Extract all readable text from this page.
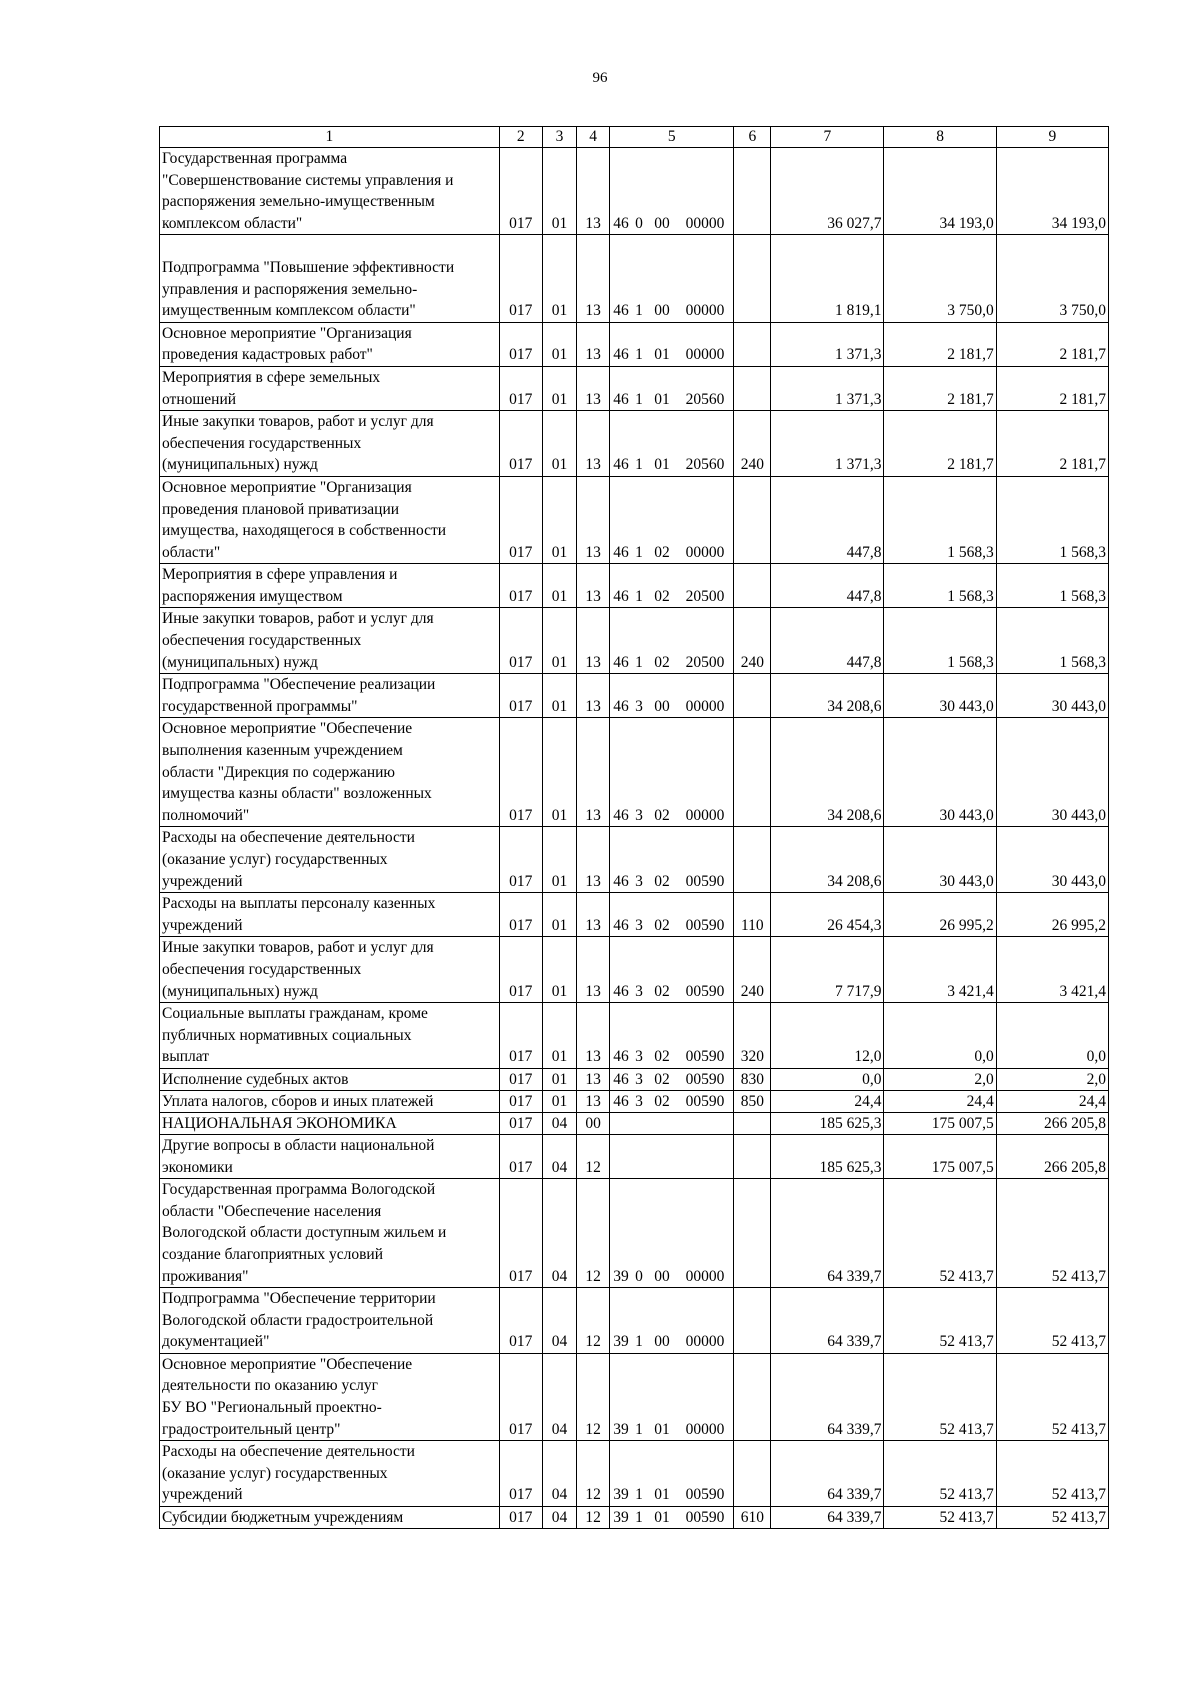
96
1	2	3	4	5	6	7	8	9
Государственная программа
"Совершенствование системы управления и
распоряжения земельно-имущественным
комплексом области"	017	01	13	46 0 00 00000		36 027,7	34 193,0	34 193,0

Подпрограмма "Повышение эффективности
управления и распоряжения земельно-
имущественным комплексом области"	017	01	13	46 1 00 00000		1 819,1	3 750,0	3 750,0
Основное мероприятие "Организация
проведения кадастровых работ"	017	01	13	46 1 01 00000		1 371,3	2 181,7	2 181,7
Мероприятия в сфере земельных
отношений	017	01	13	46 1 01 20560		1 371,3	2 181,7	2 181,7
Иные закупки товаров, работ и услуг для
обеспечения государственных
(муниципальных) нужд	017	01	13	46 1 01 20560	240	1 371,3	2 181,7	2 181,7
Основное мероприятие "Организация
проведения плановой приватизации
имущества, находящегося в собственности
области"	017	01	13	46 1 02 00000		447,8	1 568,3	1 568,3
Мероприятия в сфере управления и
распоряжения имуществом	017	01	13	46 1 02 20500		447,8	1 568,3	1 568,3
Иные закупки товаров, работ и услуг для
обеспечения государственных
(муниципальных) нужд	017	01	13	46 1 02 20500	240	447,8	1 568,3	1 568,3
Подпрограмма "Обеспечение реализации
государственной программы"	017	01	13	46 3 00 00000		34 208,6	30 443,0	30 443,0
Основное мероприятие "Обеспечение
выполнения казенным учреждением
области "Дирекция по содержанию
имущества казны области" возложенных
полномочий"	017	01	13	46 3 02 00000		34 208,6	30 443,0	30 443,0
Расходы на обеспечение деятельности
(оказание услуг) государственных
учреждений	017	01	13	46 3 02 00590		34 208,6	30 443,0	30 443,0
Расходы на выплаты персоналу казенных
учреждений	017	01	13	46 3 02 00590	110	26 454,3	26 995,2	26 995,2
Иные закупки товаров, работ и услуг для
обеспечения государственных
(муниципальных) нужд	017	01	13	46 3 02 00590	240	7 717,9	3 421,4	3 421,4
Социальные выплаты гражданам, кроме
публичных нормативных социальных
выплат	017	01	13	46 3 02 00590	320	12,0	0,0	0,0
Исполнение судебных актов	017	01	13	46 3 02 00590	830	0,0	2,0	2,0
Уплата налогов, сборов и иных платежей	017	01	13	46 3 02 00590	850	24,4	24,4	24,4
НАЦИОНАЛЬНАЯ ЭКОНОМИКА	017	04	00			185 625,3	175 007,5	266 205,8
Другие вопросы в области национальной
экономики	017	04	12			185 625,3	175 007,5	266 205,8
Государственная программа Вологодской
области "Обеспечение населения
Вологодской области доступным жильем и
создание благоприятных условий
проживания"	017	04	12	39 0 00 00000		64 339,7	52 413,7	52 413,7
Подпрограмма "Обеспечение территории
Вологодской области градостроительной
документацией"	017	04	12	39 1 00 00000		64 339,7	52 413,7	52 413,7
Основное мероприятие "Обеспечение
деятельности по оказанию услуг
БУ ВО "Региональный проектно-
градостроительный центр"	017	04	12	39 1 01 00000		64 339,7	52 413,7	52 413,7
Расходы на обеспечение деятельности
(оказание услуг) государственных
учреждений	017	04	12	39 1 01 00590		64 339,7	52 413,7	52 413,7
Субсидии бюджетным учреждениям	017	04	12	39 1 01 00590	610	64 339,7	52 413,7	52 413,7
